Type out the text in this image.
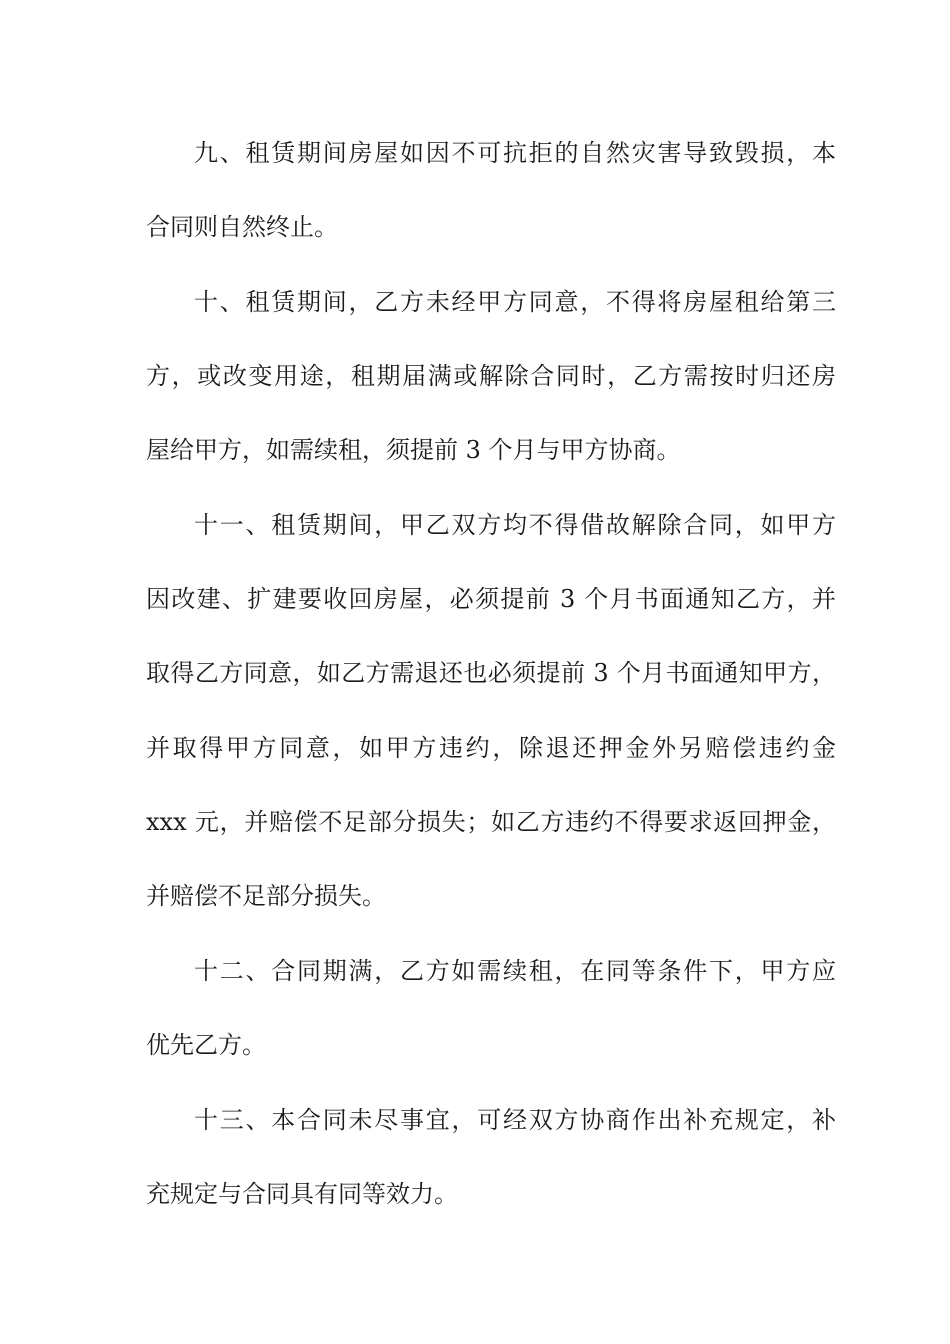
九、租赁期间房屋如因不可抗拒的自然灾害导致毁损，本

合同则自然终止。

十、租赁期间，乙方未经甲方同意，不得将房屋租给第三

方，或改变用途，租期届满或解除合同时，乙方需按时归还房

屋给甲方，如需续租，须提前 3 个月与甲方协商。

十一、租赁期间，甲乙双方均不得借故解除合同，如甲方

因改建、扩建要收回房屋，必须提前 3 个月书面通知乙方，并

取得乙方同意，如乙方需退还也必须提前 3 个月书面通知甲方，

并取得甲方同意，如甲方违约，除退还押金外另赔偿违约金

xxx 元，并赔偿不足部分损失；如乙方违约不得要求返回押金，

并赔偿不足部分损失。

十二、合同期满，乙方如需续租，在同等条件下，甲方应

优先乙方。

十三、本合同未尽事宜，可经双方协商作出补充规定，补

充规定与合同具有同等效力。
